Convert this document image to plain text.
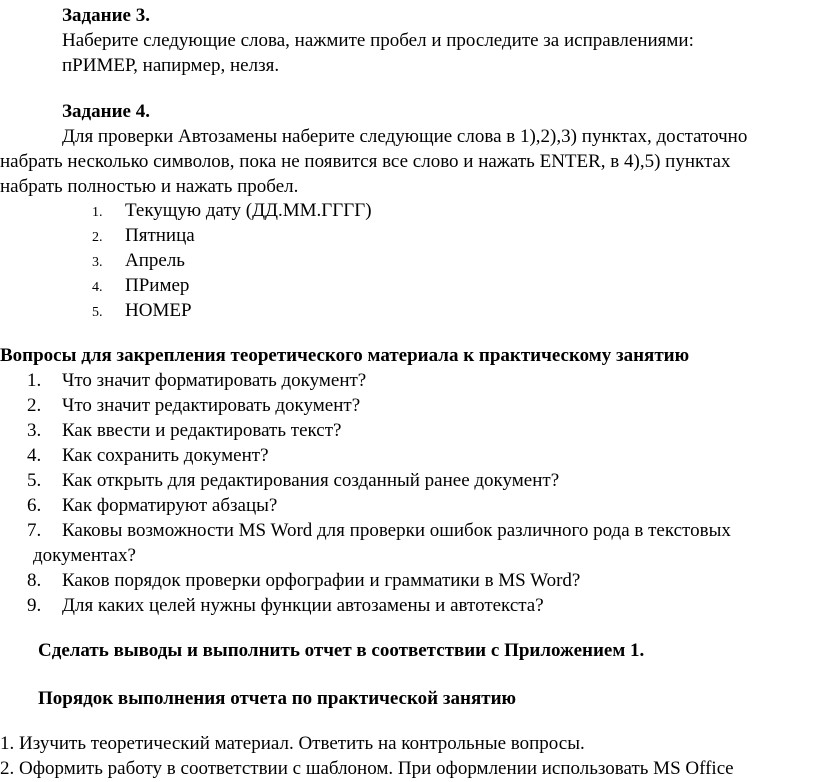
Задание 3.
Наберите следующие слова, нажмите пробел и проследите за исправлениями:
пРИМЕР, напирмер, нелзя.
Задание 4.
Для проверки Автозамены наберите следующие слова в 1),2),3) пунктах, достаточно
набрать несколько символов, пока не появится все слово и нажать ENTER, в 4),5) пунктах
набрать полностью и нажать пробел.
1. Текущую дату (ДД.ММ.ГГГГ)
2. Пятница
3. Апрель
4. ПРимер
5. НОМЕР
Вопросы для закрепления теоретического материала к практическому занятию
1. Что значит форматировать документ?
2. Что значит редактировать документ?
3. Как ввести и редактировать текст?
4. Как сохранить документ?
5. Как открыть для редактирования созданный ранее документ?
6. Как форматируют абзацы?
7. Каковы возможности MS Word для проверки ошибок различного рода в текстовых
документах?
8. Каков порядок проверки орфографии и грамматики в MS Word?
9. Для каких целей нужны функции автозамены и автотекста?
Сделать выводы и выполнить отчет в соответствии с Приложением 1.
Порядок выполнения отчета по практической занятию
1. Изучить теоретический материал. Ответить на контрольные вопросы.
2. Оформить работу в соответствии с шаблоном. При оформлении использовать MS Office
